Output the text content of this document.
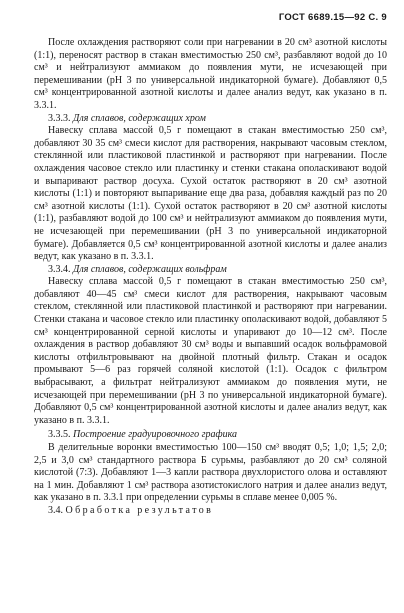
ГОСТ 6689.15—92 С. 9

После охлаждения растворяют соли при нагревании в 20 см³ азотной кислоты (1:1), переносят раствор в стакан вместимостью 250 см³, разбавляют водой до 10 см³ и нейтрализуют аммиаком до появления мути, не исчезающей при перемешивании (рН 3 по универсальной индикаторной бумаге). Добавляют 0,5 см³ концентрированной азотной кислоты и далее анализ ведут, как указано в п. 3.3.1.

3.3.3. Для сплавов, содержащих хром

Навеску сплава массой 0,5 г помещают в стакан вместимостью 250 см³, добавляют 30 35 см³ смеси кислот для растворения, накрывают часовым стеклом, стеклянной или пластиковой пластинкой и растворяют при нагревании. После охлаждения часовое стекло или пластинку и стенки стакана ополаскивают водой и выпаривают раствор досуха. Сухой остаток растворяют в 20 см³ азотной кислоты (1:1) и повторяют выпаривание еще два раза, добавляя каждый раз по 20 см³ азотной кислоты (1:1). Сухой остаток растворяют в 20 см³ азотной кислоты (1:1), разбавляют водой до 100 см³ и нейтрализуют аммиаком до появления мути, не исчезающей при перемешивании (рН 3 по универсальной индикаторной бумаге). Добавляется 0,5 см³ концентрированной азотной кислоты и далее анализ ведут, как указано в п. 3.3.1.

3.3.4. Для сплавов, содержащих вольфрам

Навеску сплава массой 0,5 г помещают в стакан вместимостью 250 см³, добавляют 40—45 см³ смеси кислот для растворения, накрывают часовым стеклом, стеклянной или пластиковой пластинкой и растворяют при нагревании. Стенки стакана и часовое стекло или пластинку ополаскивают водой, добавляют 5 см³ концентрированной серной кислоты и упаривают до 10—12 см³. После охлаждения в раствор добавляют 30 см³ воды и выпавший осадок вольфрамовой кислоты отфильтровывают на двойной плотный фильтр. Стакан и осадок промывают 5—6 раз горячей соляной кислотой (1:1). Осадок с фильтром выбрасывают, а фильтрат нейтрализуют аммиаком до появления мути, не исчезающей при перемешивании (рН 3 по универсальной индикаторной бумаге). Добавляют 0,5 см³ концентрированной азотной кислоты и далее анализ ведут, как указано в п. 3.3.1.

3.3.5. Построение градуировочного графика

В делительные воронки вместимостью 100—150 см³ вводят 0,5; 1,0; 1,5; 2,0; 2,5 и 3,0 см³ стандартного раствора Б сурьмы, разбавляют до 20 см³ соляной кислотой (7:3). Добавляют 1—3 капли раствора двухлористого олова и оставляют на 1 мин. Добавляют 1 см³ раствора азотистокислого натрия и далее анализ ведут, как указано в п. 3.3.1 при определении сурьмы в сплаве менее 0,005 %.

3.4. Обработка результатов
